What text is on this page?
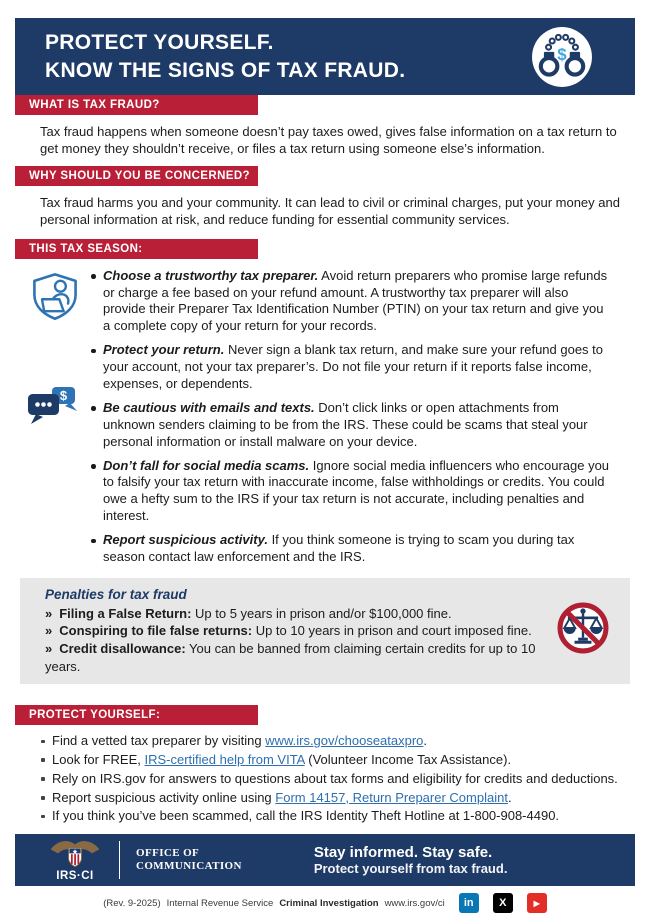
PROTECT YOURSELF.
KNOW THE SIGNS OF TAX FRAUD.
$
WHAT IS TAX FRAUD?

Tax fraud happens when someone doesn’t pay taxes owed, gives false information on a tax return to get money they shouldn’t receive, or files a tax return using someone else’s information.

WHY SHOULD YOU BE CONCERNED?

Tax fraud harms you and your community. It can lead to civil or criminal charges, put your money and personal information at risk, and reduce funding for essential community services.

THIS TAX SEASON:
$
Choose a trustworthy tax preparer. Avoid return preparers who promise large refunds or charge a fee based on your refund amount. A trustworthy tax preparer will also provide their Preparer Tax Identification Number (PTIN) on your tax return and give you a complete copy of your return for your records.
Protect your return. Never sign a blank tax return, and make sure your refund goes to your account, not your tax preparer’s. Do not file your return if it reports false income, expenses, or dependents.
Be cautious with emails and texts. Don’t click links or open attachments from unknown senders claiming to be from the IRS. These could be scams that steal your personal information or install malware on your device.
Don’t fall for social media scams. Ignore social media influencers who encourage you to falsify your tax return with inaccurate income, false withholdings or credits. You could owe a hefty sum to the IRS if your tax return is not accurate, including penalties and interest.
Report suspicious activity. If you think someone is trying to scam you during tax season contact law enforcement and the IRS.
Penalties for tax fraud
» Filing a False Return: Up to 5 years in prison and/or $100,000 fine.
» Conspiring to file false returns: Up to 10 years in prison and court imposed fine.
» Credit disallowance: You can be banned from claiming certain credits for up to 10 years.
PROTECT YOURSELF:
Find a vetted tax preparer by visiting www.irs.gov/chooseataxpro.
Look for FREE, IRS-certified help from VITA (Volunteer Income Tax Assistance).
Rely on IRS.gov for answers to questions about tax forms and eligibility for credits and deductions.
Report suspicious activity online using Form 14157, Return Preparer Complaint.
If you think you’ve been scammed, call the IRS Identity Theft Hotline at 1-800-908-4490.
IRS·CI
OFFICE OF
COMMUNICATION
Stay informed. Stay safe.
Protect yourself from tax fraud.
(Rev. 9-2025) Internal Revenue Service Criminal Investigation www.irs.gov/ci	in	X	▶
